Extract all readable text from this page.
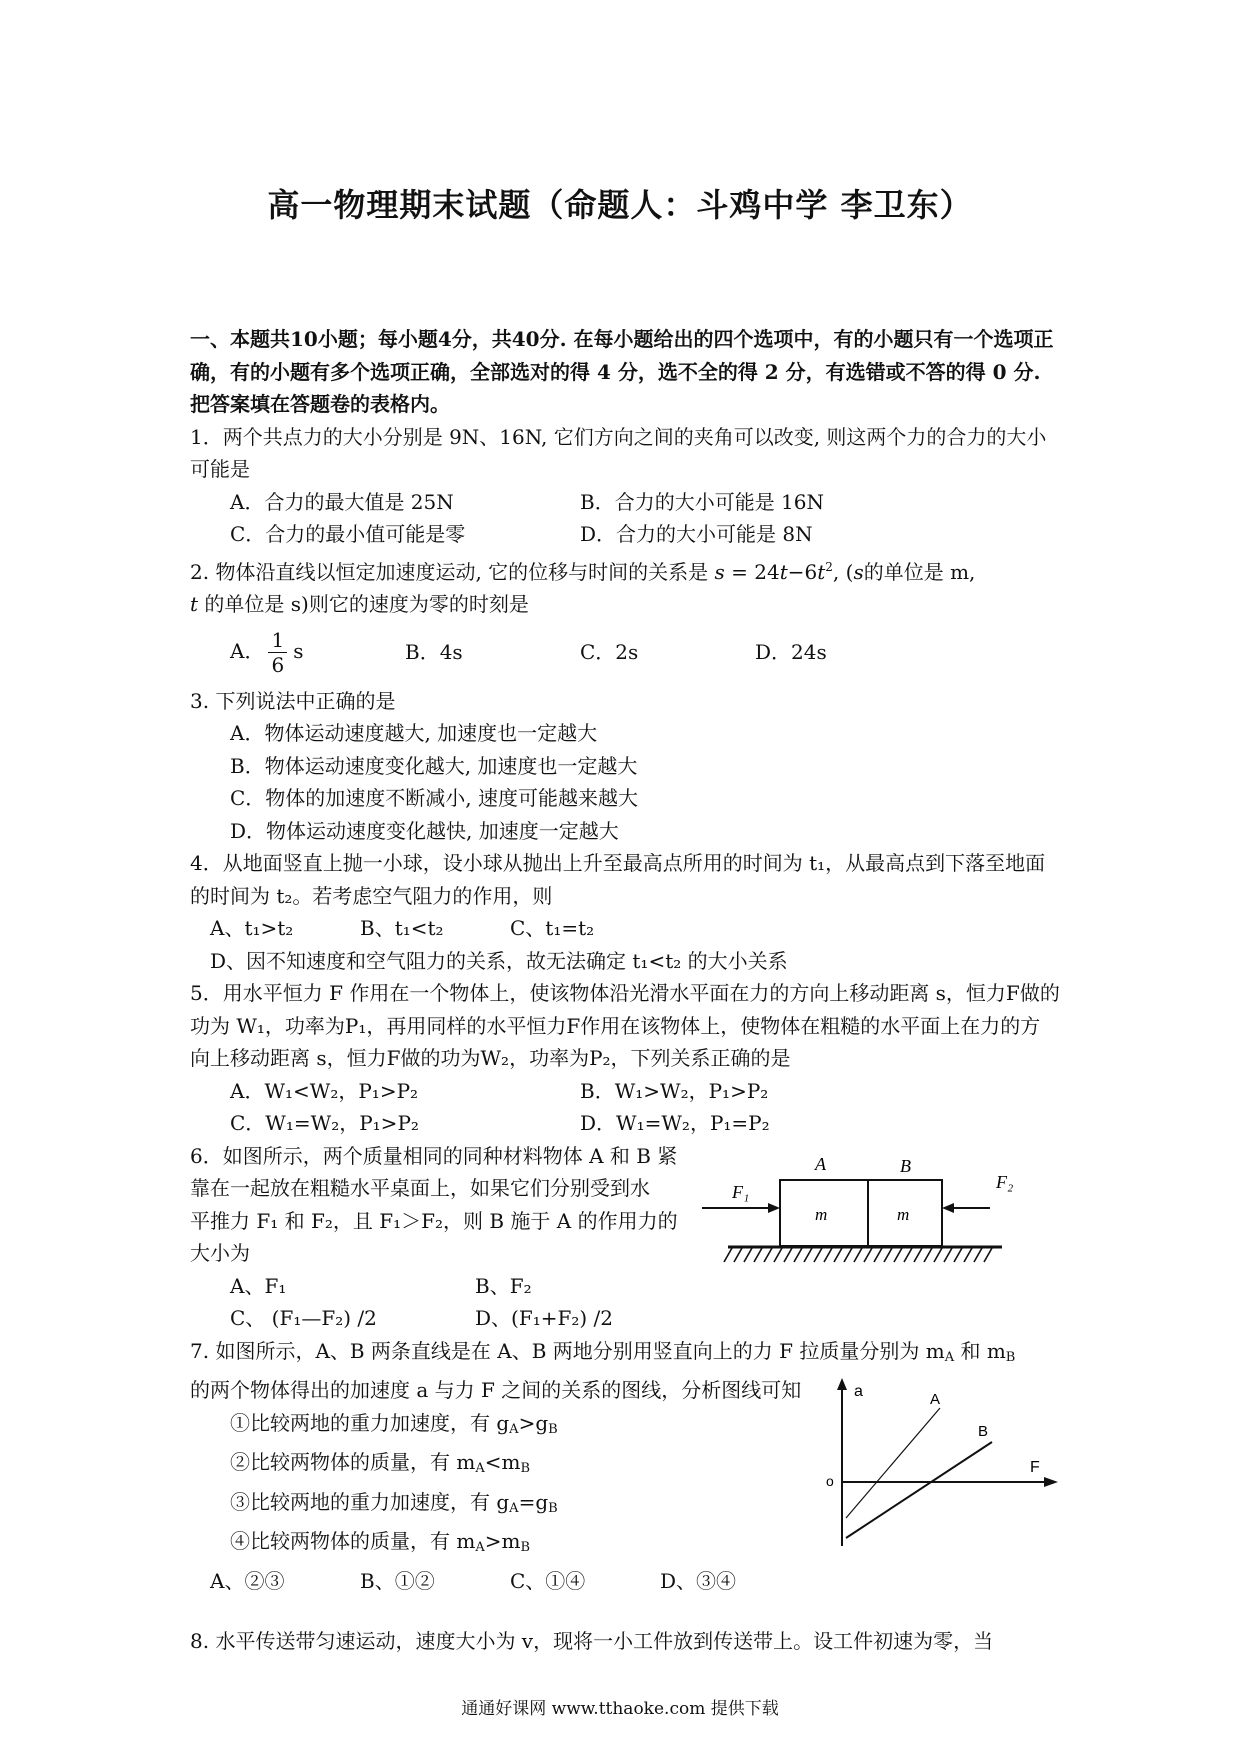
高一物理期末试题（命题人：斗鸡中学 李卫东）

一、本题共10小题；每小题4分，共40分. 在每小题给出的四个选项中，有的小题只有一个选项正确，有的小题有多个选项正确，全部选对的得 4 分，选不全的得 2 分，有选错或不答的得 0 分.把答案填在答题卷的表格内。

1．两个共点力的大小分别是 9N、16N, 它们方向之间的夹角可以改变, 则这两个力的合力的大小可能是

A．合力的最大值是 25N	B．合力的大小可能是 16N
C．合力的最小值可能是零	D．合力的大小可能是 8N

2. 物体沿直线以恒定加速度运动, 它的位移与时间的关系是 $s = 24t-6t^2$, (s的单位是 m,
t 的单位是 s)则它的速度为零的时刻是

A． $\frac{1}{6}$ s	B．4s	C．2s	D．24s

3. 下列说法中正确的是

A．物体运动速度越大, 加速度也一定越大
B．物体运动速度变化越大, 加速度也一定越大
C．物体的加速度不断减小, 速度可能越来越大
D．物体运动速度变化越快, 加速度一定越大

4．从地面竖直上抛一小球，设小球从抛出上升至最高点所用的时间为 t₁，从最高点到下落至地面的时间为 t₂。若考虑空气阻力的作用，则

A、t₁>t₂	B、t₁<t₂	C、t₁=t₂
D、因不知速度和空气阻力的关系，故无法确定 t₁<t₂ 的大小关系

5．用水平恒力 F 作用在一个物体上，使该物体沿光滑水平面在力的方向上移动距离 s，恒力F做的功为 W₁，功率为P₁，再用同样的水平恒力F作用在该物体上，使物体在粗糙的水平面上在力的方向上移动距离 s，恒力F做的功为W₂，功率为P₂，下列关系正确的是

A．W₁<W₂，P₁>P₂	B．W₁>W₂，P₁>P₂
C．W₁=W₂，P₁>P₂	D．W₁=W₂，P₁=P₂
6．如图所示，两个质量相同的同种材料物体 A 和 B 紧
靠在一起放在粗糙水平桌面上，如果它们分别受到水
平推力 F₁ 和 F₂，且 F₁＞F₂，则 B 施于 A 的作用力的
大小为
A、F₁	B、F₂
C、 (F₁—F₂) /2	D、(F₁+F₂) /2

7. 如图所示，A、B 两条直线是在 A、B 两地分别用竖直向上的力 F 拉质量分别为 $m_A$ 和 $m_B$
的两个物体得出的加速度 a 与力 F 之间的关系的图线，分析图线可知

①比较两地的重力加速度，有 $g_A>g_B$
②比较两物体的质量，有 $m_A<m_B$
③比较两地的重力加速度，有 $g_A=g_B$
④比较两物体的质量，有 $m_A>m_B$
A、②③	B、①②	C、①④	D、③④

8. 水平传送带匀速运动，速度大小为 v，现将一小工件放到传送带上。设工件初速为零，当

A	B
m	m
F₁	F₂
a
F
o
A
B
通通好课网 www.tthaoke.com 提供下载
